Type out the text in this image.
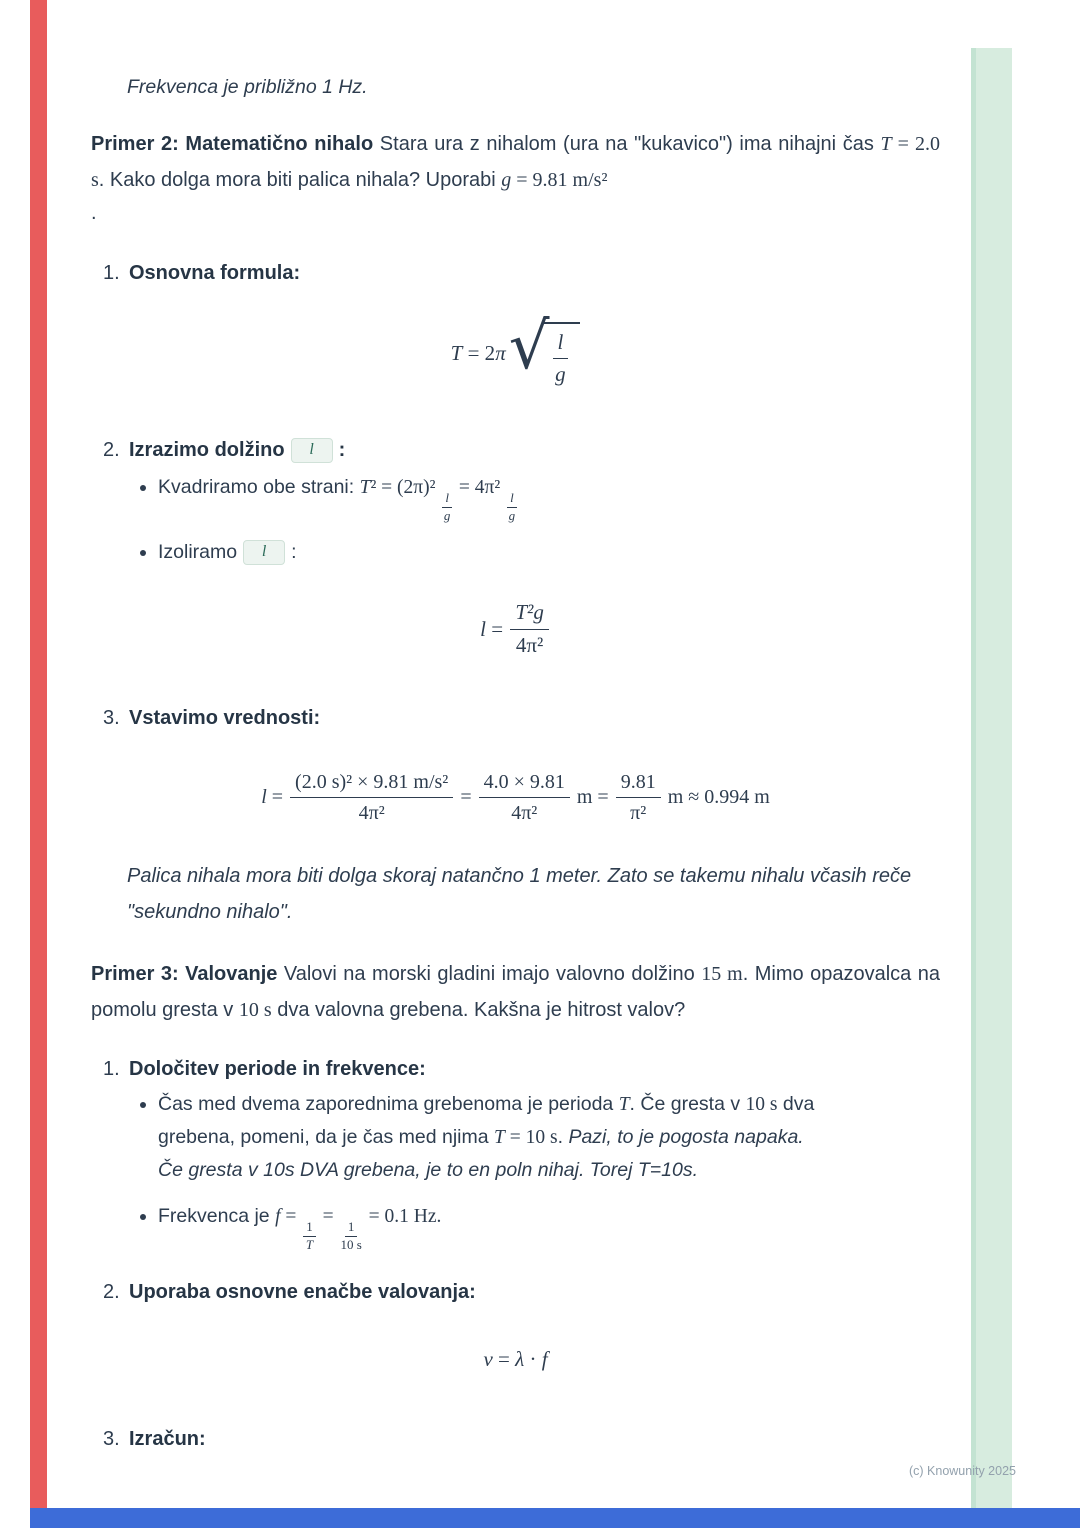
(c) Knowunity 2025

Frekvenca je približno 1 Hz.

Primer 2: Matematično nihalo Stara ura z nihalom (ura na "kukavico") ima nihajni čas T = 2.0 s. Kako dolga mora biti palica nihala? Uporabi g = 9.81 m/s²

.

1. Osnovna formula:
T = 2 π √ $\frac{l}{g}$
2. Izrazimo dolžino l :
• Kvadriramo obe strani: T² = (2π)²
$\frac{l}{g}$
= 4π²
$\frac{l}{g}$
• Izoliramo l :
$l = \frac{\text{T²g}}{\text{4π²}}$
3. Vstavimo vrednosti:
$l = \frac{\text{(2.0 s)² × 9.81 m/s²}}{\text{4π²}} = \frac{4.0 \times 9.81}{\text{4π²}}$ $m = \frac{9.81}{\text{π²}}$ m ≈ 0.994 m

Palica nihala mora biti dolga skoraj natančno 1 meter. Zato se takemu nihalu včasih reče "sekundno nihalo".

Primer 3: Valovanje Valovi na morski gladini imajo valovno dolžino 15 m. Mimo opazovalca na pomolu gresta v 10 s dva valovna grebena. Kakšna je hitrost valov?

1. Določitev periode in frekvence:
• Čas med dvema zaporednima grebenoma je perioda T. Če gresta v 10 s dva grebena, pomeni, da je čas med njima T = 10 s. Pazi, to je pogosta napaka. Če gresta v 10s DVA grebena, je to en poln nihaj. Torej T=10s.
• Frekvenca je f =
$\frac{1}{T}$
=
$\frac{1}{10 s}$
= 0.1 Hz.
2. Uporaba osnovne enačbe valovanja:
v = λ · f
3. Izračun:
